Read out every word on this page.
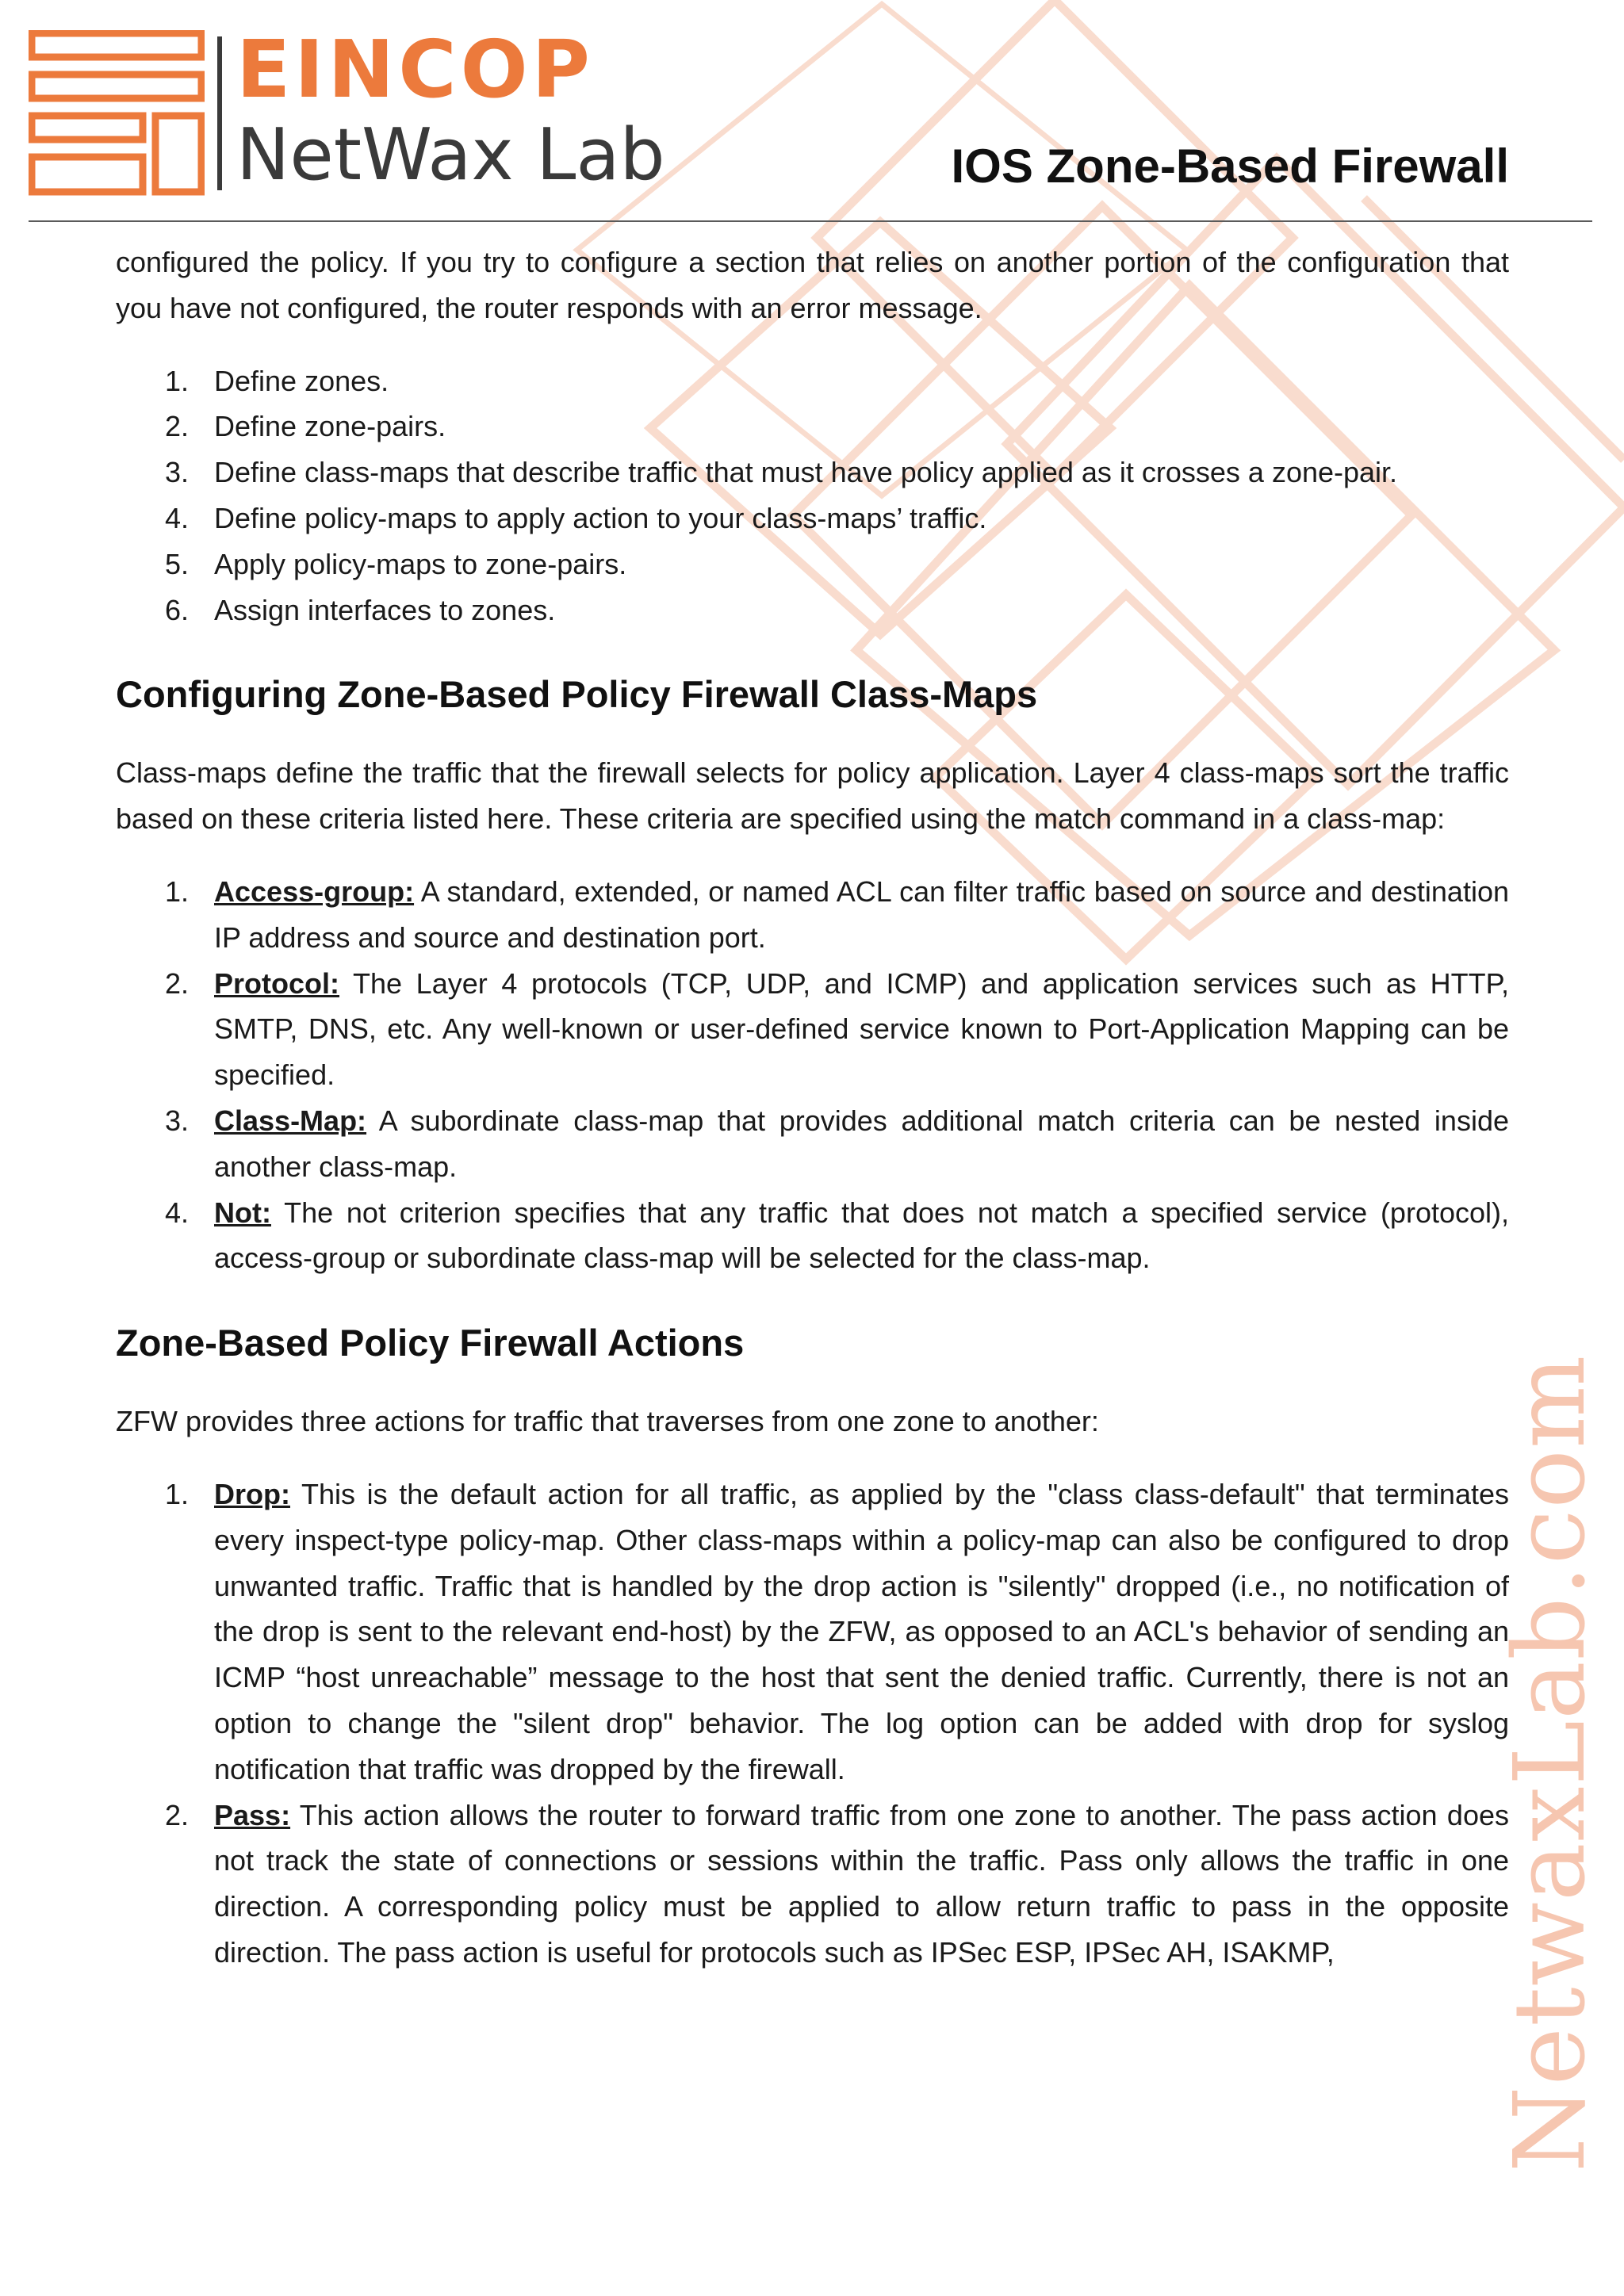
NetwaxLab.com
EINCOP
NetWax Lab	IOS Zone-Based Firewall

configured the policy. If you try to configure a section that relies on another portion of the configuration that you have not configured, the router responds with an error message.

1. Define zones.
2. Define zone-pairs.
3. Define class-maps that describe traffic that must have policy applied as it crosses a zone-pair.
4. Define policy-maps to apply action to your class-maps’ traffic.
5. Apply policy-maps to zone-pairs.
6. Assign interfaces to zones.
Configuring Zone-Based Policy Firewall Class-Maps

Class-maps define the traffic that the firewall selects for policy application. Layer 4 class-maps sort the traffic based on these criteria listed here. These criteria are specified using the match command in a class-map:

1. Access-group: A standard, extended, or named ACL can filter traffic based on source and destination IP address and source and destination port.
2. Protocol: The Layer 4 protocols (TCP, UDP, and ICMP) and application services such as HTTP, SMTP, DNS, etc. Any well-known or user-defined service known to Port-Application Mapping can be specified.
3. Class-Map: A subordinate class-map that provides additional match criteria can be nested inside another class-map.
4. Not: The not criterion specifies that any traffic that does not match a specified service (protocol), access-group or subordinate class-map will be selected for the class-map.
Zone-Based Policy Firewall Actions

ZFW provides three actions for traffic that traverses from one zone to another:

1. Drop: This is the default action for all traffic, as applied by the "class class-default" that terminates every inspect-type policy-map. Other class-maps within a policy-map can also be configured to drop unwanted traffic. Traffic that is handled by the drop action is "silently" dropped (i.e., no notification of the drop is sent to the relevant end-host) by the ZFW, as opposed to an ACL's behavior of sending an ICMP “host unreachable” message to the host that sent the denied traffic. Currently, there is not an option to change the "silent drop" behavior. The log option can be added with drop for syslog notification that traffic was dropped by the firewall.
2. Pass: This action allows the router to forward traffic from one zone to another. The pass action does not track the state of connections or sessions within the traffic. Pass only allows the traffic in one direction. A corresponding policy must be applied to allow return traffic to pass in the opposite direction. The pass action is useful for protocols such as IPSec ESP, IPSec AH, ISAKMP,
